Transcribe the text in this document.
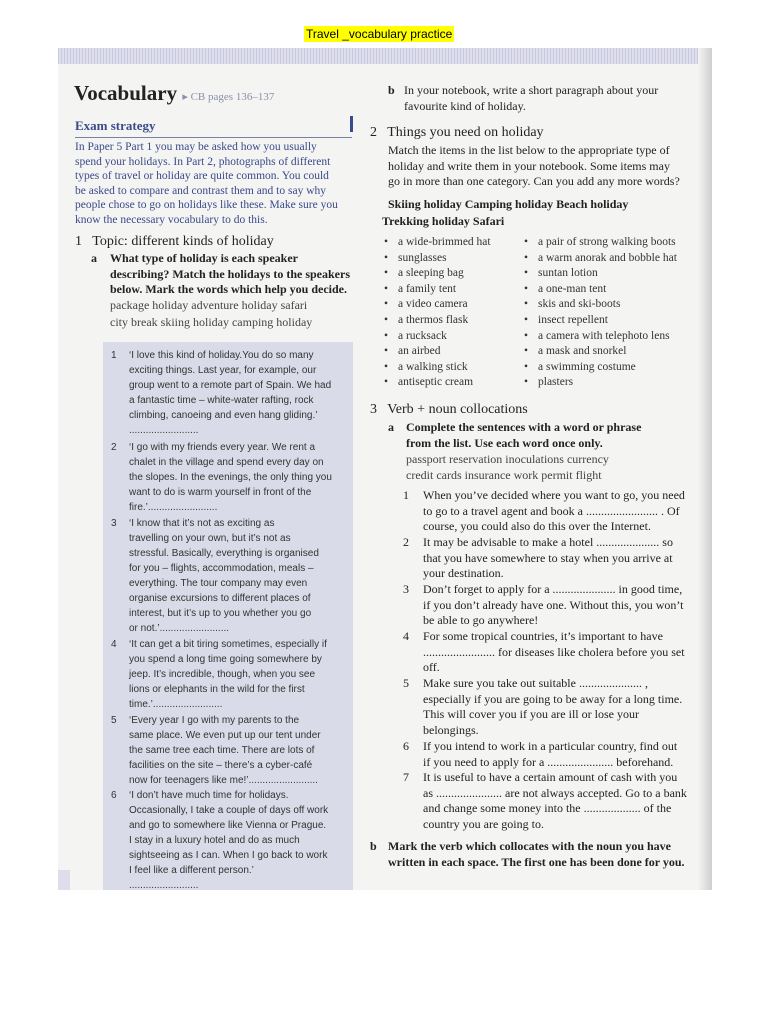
Travel _vocabulary practice
Vocabulary ▸ CB pages 136–137
Exam strategy

In Paper 5 Part 1 you may be asked how you usually

spend your holidays. In Part 2, photographs of different

types of travel or holiday are quite common. You could

be asked to compare and contrast them and to say why

people chose to go on holidays like these. Make sure you

know the necessary vocabulary to do this.

1 Topic: different kinds of holiday
a What type of holiday is each speaker

describing? Match the holidays to the speakers

below. Mark the words which help you decide.

package holiday adventure holiday safari

city break skiing holiday camping holiday

1	‘I love this kind of holiday.You do so many

exciting things. Last year, for example, our

group went to a remote part of Spain. We had

a fantastic time – white-water rafting, rock

climbing, canoeing and even hang gliding.’

.........................

2	‘I go with my friends every year. We rent a

chalet in the village and spend every day on

the slopes. In the evenings, the only thing you

want to do is warm yourself in front of the

fire.’.........................

3	‘I know that it’s not as exciting as

travelling on your own, but it’s not as

stressful. Basically, everything is organised

for you – flights, accommodation, meals –

everything. The tour company may even

organise excursions to different places of

interest, but it’s up to you whether you go

or not.’.........................

4	‘It can get a bit tiring sometimes, especially if

you spend a long time going somewhere by

jeep. It’s incredible, though, when you see

lions or elephants in the wild for the first

time.’.........................

5	‘Every year I go with my parents to the

same place. We even put up our tent under

the same tree each time. There are lots of

facilities on the site – there’s a cyber-café

now for teenagers like me!’.........................

6	‘I don’t have much time for holidays.

Occasionally, I take a couple of days off work

and go to somewhere like Vienna or Prague.

I stay in a luxury hotel and do as much

sightseeing as I can. When I go back to work

I feel like a different person.’

.........................

b In your notebook, write a short paragraph about your

favourite kind of holiday.

2 Things you need on holiday

Match the items in the list below to the appropriate type of

holiday and write them in your notebook. Some items may

go in more than one category. Can you add any more words?

Skiing holiday Camping holiday Beach holiday

Trekking holiday Safari

• a wide-brimmed hat
• sunglasses
• a sleeping bag
• a family tent
• a video camera
• a thermos flask
• a rucksack
• an airbed
• a walking stick
• antiseptic cream
• a pair of strong walking boots
• a warm anorak and bobble hat
• suntan lotion
• a one-man tent
• skis and ski-boots
• insect repellent
• a camera with telephoto lens
• a mask and snorkel
• a swimming costume
• plasters
3 Verb + noun collocations
a Complete the sentences with a word or phrase

from the list. Use each word once only.

passport reservation inoculations currency

credit cards insurance work permit flight

1 When you’ve decided where you want to go, you need

to go to a travel agent and book a ........................ . Of

course, you could also do this over the Internet.

2 It may be advisable to make a hotel ..................... so

that you have somewhere to stay when you arrive at

your destination.

3 Don’t forget to apply for a ..................... in good time,

if you don’t already have one. Without this, you won’t

be able to go anywhere!

4 For some tropical countries, it’s important to have

........................ for diseases like cholera before you set

off.

5 Make sure you take out suitable ..................... ,

especially if you are going to be away for a long time.

This will cover you if you are ill or lose your

belongings.

6 If you intend to work in a particular country, find out

if you need to apply for a ...................... beforehand.

7 It is useful to have a certain amount of cash with you

as ...................... are not always accepted. Go to a bank

and change some money into the ................... of the

country you are going to.

b Mark the verb which collocates with the noun you have

written in each space. The first one has been done for you.
